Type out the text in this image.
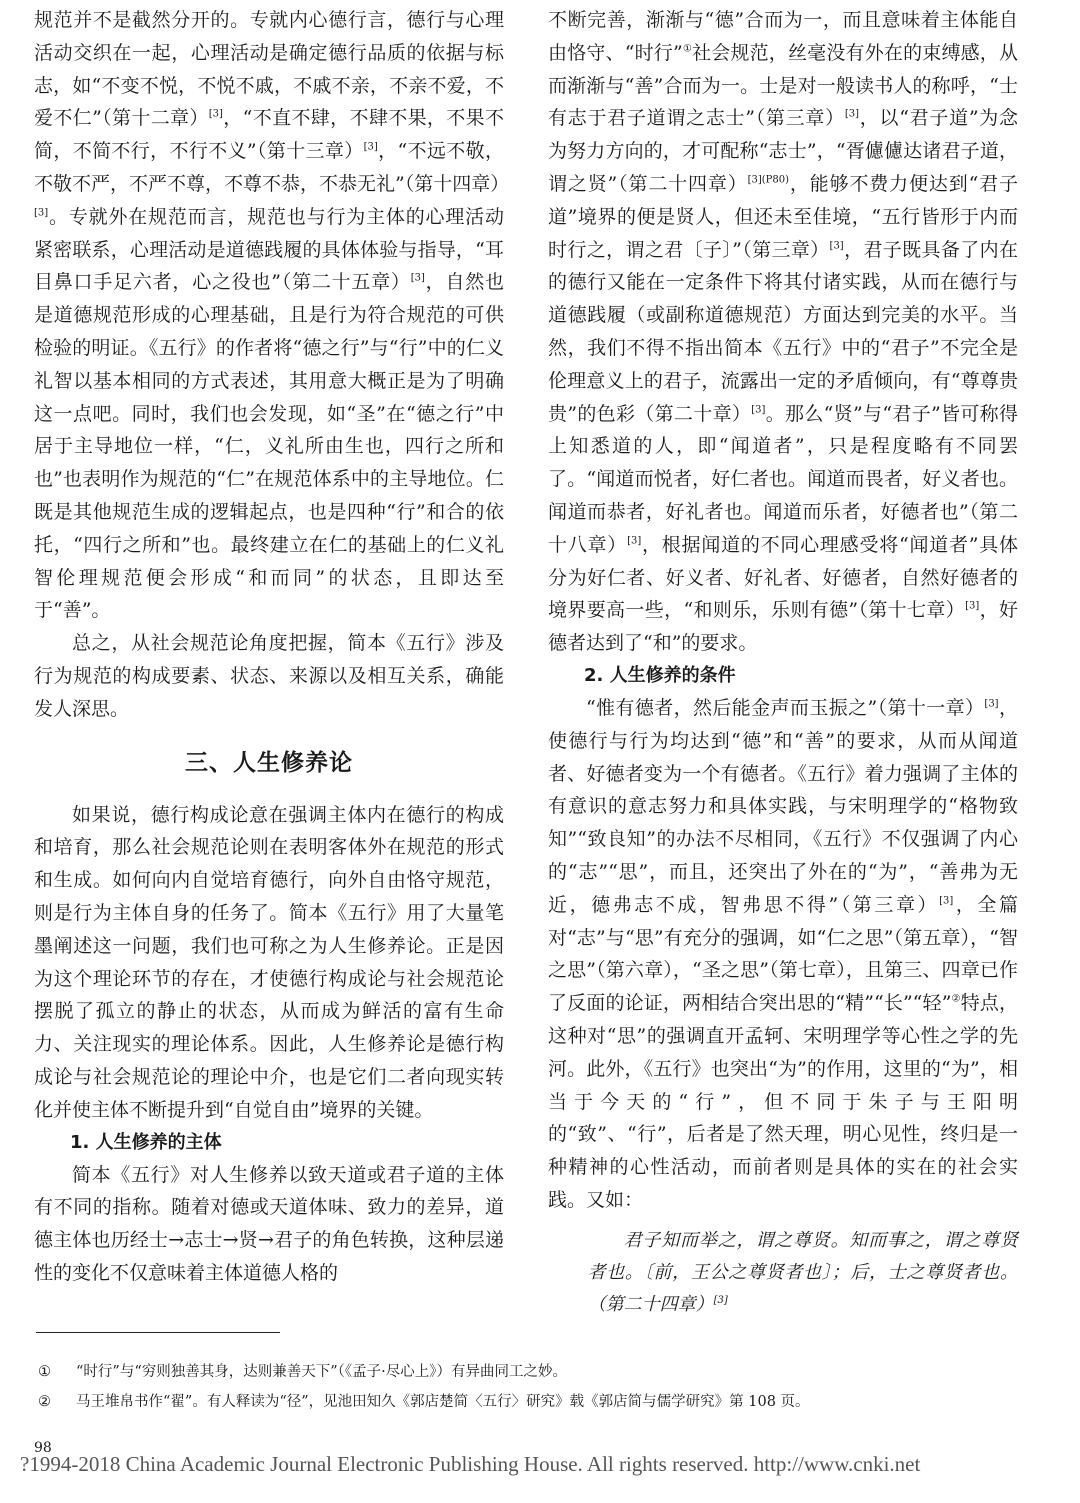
规范并不是截然分开的。专就内心德行言，德行与心理活动交织在一起，心理活动是确定德行品质的依据与标志，如“不变不悦，不悦不戚，不戚不亲，不亲不爱，不爱不仁”（第十二章）[3]，“不直不肆，不肆不果，不果不简，不简不行，不行不义”（第十三章）[3]，“不远不敬，不敬不严，不严不尊，不尊不恭，不恭无礼”（第十四章）[3]。专就外在规范而言，规范也与行为主体的心理活动紧密联系，心理活动是道德践履的具体体验与指导，“耳目鼻口手足六者，心之役也”（第二十五章）[3]，自然也是道德规范形成的心理基础，且是行为符合规范的可供检验的明证。《五行》的作者将“德之行”与“行”中的仁义礼智以基本相同的方式表述，其用意大概正是为了明确这一点吧。同时，我们也会发现，如“圣”在“德之行”中居于主导地位一样，“仁，义礼所由生也，四行之所和也”也表明作为规范的“仁”在规范体系中的主导地位。仁既是其他规范生成的逻辑起点，也是四种“行”和合的依托，“四行之所和”也。最终建立在仁的基础上的仁义礼智伦理规范便会形成“和而同”的状态，且即达至于“善”。
总之，从社会规范论角度把握，简本《五行》涉及行为规范的构成要素、状态、来源以及相互关系，确能发人深思。
三、人生修养论
如果说，德行构成论意在强调主体内在德行的构成和培育，那么社会规范论则在表明客体外在规范的形式和生成。如何向内自觉培育德行，向外自由恪守规范，则是行为主体自身的任务了。简本《五行》用了大量笔墨阐述这一问题，我们也可称之为人生修养论。正是因为这个理论环节的存在，才使德行构成论与社会规范论摆脱了孤立的静止的状态，从而成为鲜活的富有生命力、关注现实的理论体系。因此，人生修养论是德行构成论与社会规范论的理论中介，也是它们二者向现实转化并使主体不断提升到“自觉自由”境界的关键。
1. 人生修养的主体
简本《五行》对人生修养以致天道或君子道的主体有不同的指称。随着对德或天道体味、致力的差异，道德主体也历经士→志士→贤→君子的角色转换，这种层递性的变化不仅意味着主体道德人格的
不断完善，渐渐与“德”合而为一，而且意味着主体能自由恪守、“时行”①社会规范，丝毫没有外在的束缚感，从而渐渐与“善”合而为一。士是对一般读书人的称呼，“士有志于君子道谓之志士”（第三章）[3]，以“君子道”为念为努力方向的，才可配称“志士”，“胥儢儢达诸君子道，谓之贤”（第二十四章）$^{[3](P80)}$，能够不费力便达到“君子道”境界的便是贤人，但还未至佳境，“五行皆形于内而时行之，谓之君〔子〕”（第三章）[3]，君子既具备了内在的德行又能在一定条件下将其付诸实践，从而在德行与道德践履（或副称道德规范）方面达到完美的水平。当然，我们不得不指出简本《五行》中的“君子”不完全是伦理意义上的君子，流露出一定的矛盾倾向，有“尊尊贵贵”的色彩（第二十章）[3]。那么“贤”与“君子”皆可称得上知悉道的人，即“闻道者”，只是程度略有不同罢了。“闻道而悦者，好仁者也。闻道而畏者，好义者也。闻道而恭者，好礼者也。闻道而乐者，好德者也”（第二十八章）[3]，根据闻道的不同心理感受将“闻道者”具体分为好仁者、好义者、好礼者、好德者，自然好德者的境界要高一些，“和则乐，乐则有德”（第十七章）[3]，好德者达到了“和”的要求。
2. 人生修养的条件
“惟有德者，然后能金声而玉振之”（第十一章）[3]，使德行与行为均达到“德”和“善”的要求，从而从闻道者、好德者变为一个有德者。《五行》着力强调了主体的有意识的意志努力和具体实践，与宋明理学的“格物致知”“致良知”的办法不尽相同，《五行》不仅强调了内心的“志”“思”，而且，还突出了外在的“为”，“善弗为无近，德弗志不成，智弗思不得”（第三章）[3]，全篇对“志”与“思”有充分的强调，如“仁之思”（第五章），“智之思”（第六章），“圣之思”（第七章），且第三、四章已作了反面的论证，两相结合突出思的“精”“长”“轻”②特点，这种对“思”的强调直开孟轲、宋明理学等心性之学的先河。此外，《五行》也突出“为”的作用，这里的“为”，相当于今天的“行”，但不同于朱子与王阳明的“致”、“行”，后者是了然天理，明心见性，终归是一种精神的心性活动，而前者则是具体的实在的社会实践。又如：
君子知而举之，谓之尊贤。知而事之，谓之尊贤者也。〔前，王公之尊贤者也〕；后，士之尊贤者也。（第二十四章）[3]
① “时行”与“穷则独善其身，达则兼善天下”（《孟子·尽心上》）有异曲同工之妙。
② 马王堆帛书作“翟”。有人释读为“径”，见池田知久《郭店楚简〈五行〉研究》载《郭店简与儒学研究》第 108 页。
98
?1994-2018 China Academic Journal Electronic Publishing House. All rights reserved. http://www.cnki.net
